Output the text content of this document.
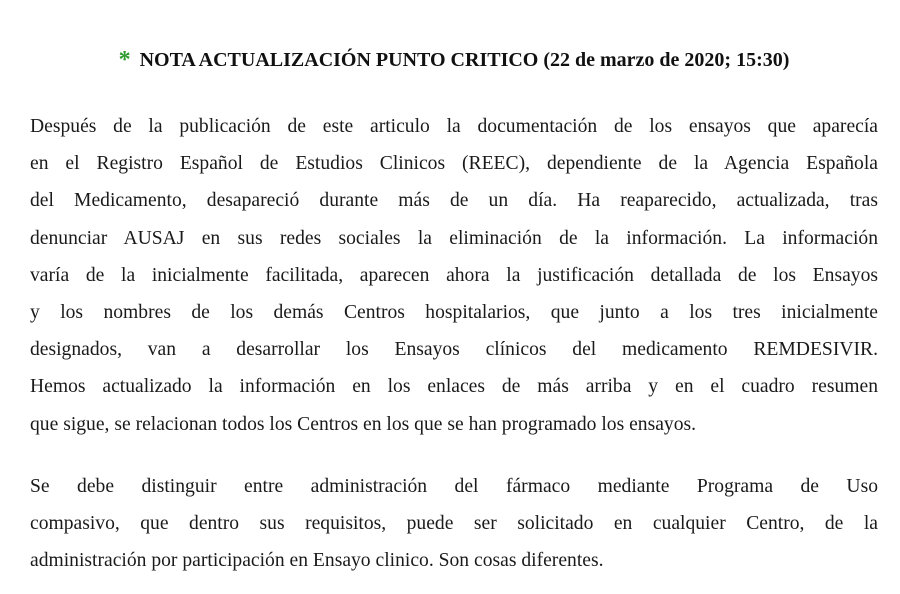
* NOTA ACTUALIZACIÓN PUNTO CRITICO (22 de marzo de 2020; 15:30)

Después de la publicación de este articulo la documentación de los ensayos que aparecía
en el Registro Español de Estudios Clinicos (REEC), dependiente de la Agencia Española
del Medicamento, desapareció durante más de un día. Ha reaparecido, actualizada, tras
denunciar AUSAJ en sus redes sociales la eliminación de la información. La información
varía de la inicialmente facilitada, aparecen ahora la justificación detallada de los Ensayos
y los nombres de los demás Centros hospitalarios, que junto a los tres inicialmente
designados, van a desarrollar los Ensayos clínicos del medicamento REMDESIVIR.
Hemos actualizado la información en los enlaces de más arriba y en el cuadro resumen
que sigue, se relacionan todos los Centros en los que se han programado los ensayos.

Se debe distinguir entre administración del fármaco mediante Programa de Uso
compasivo, que dentro sus requisitos, puede ser solicitado en cualquier Centro, de la
administración por participación en Ensayo clinico. Son cosas diferentes.
